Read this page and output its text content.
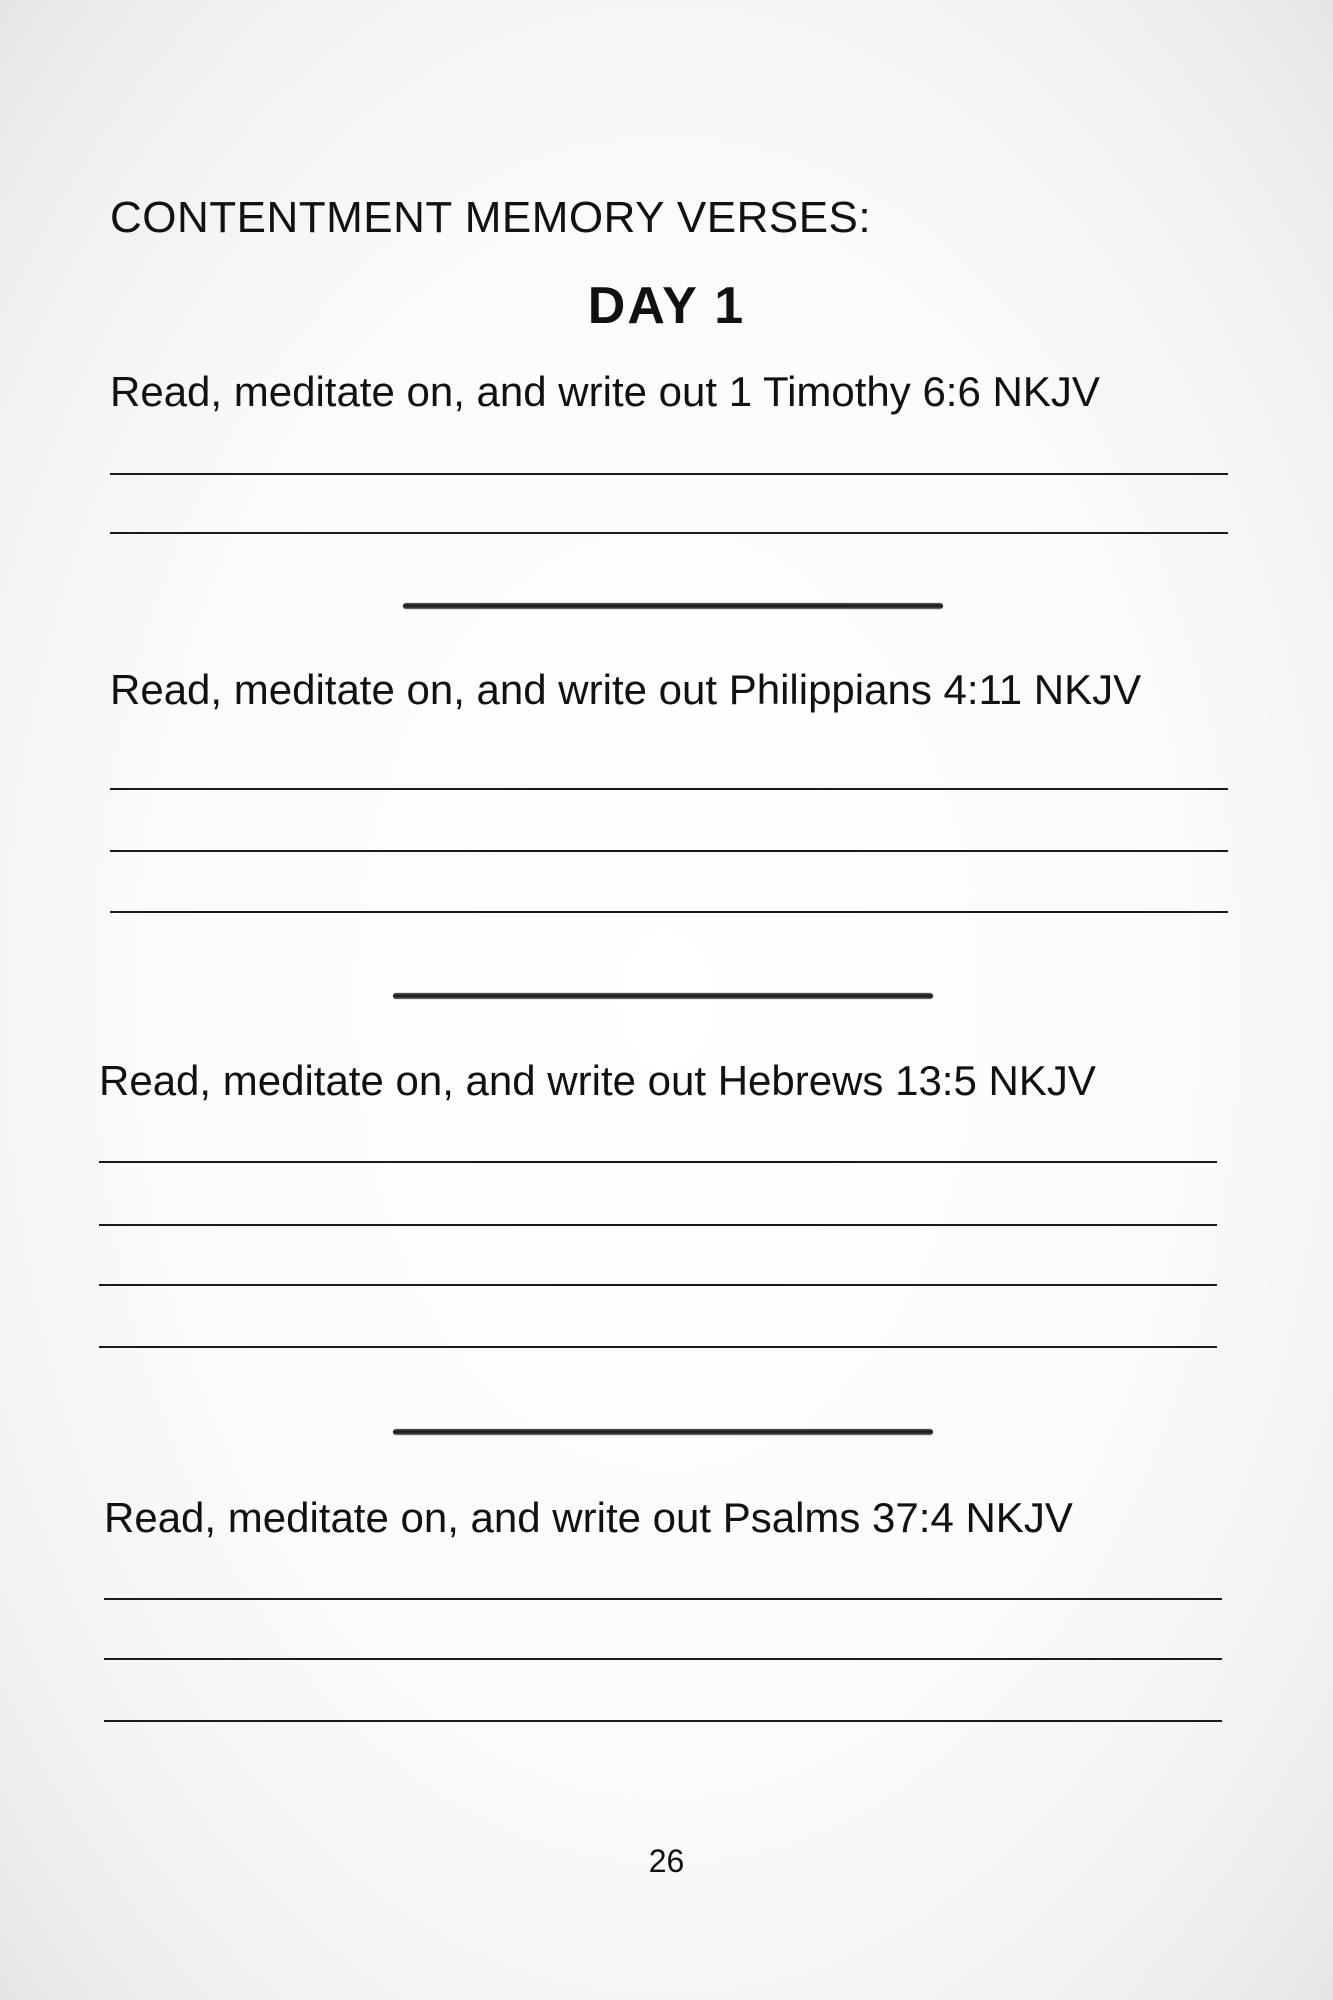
CONTENTMENT MEMORY VERSES:
DAY 1

Read, meditate on, and write out 1 Timothy 6:6 NKJV

Read, meditate on, and write out Philippians 4:11 NKJV

Read, meditate on, and write out Hebrews 13:5 NKJV

Read, meditate on, and write out Psalms 37:4 NKJV

26
